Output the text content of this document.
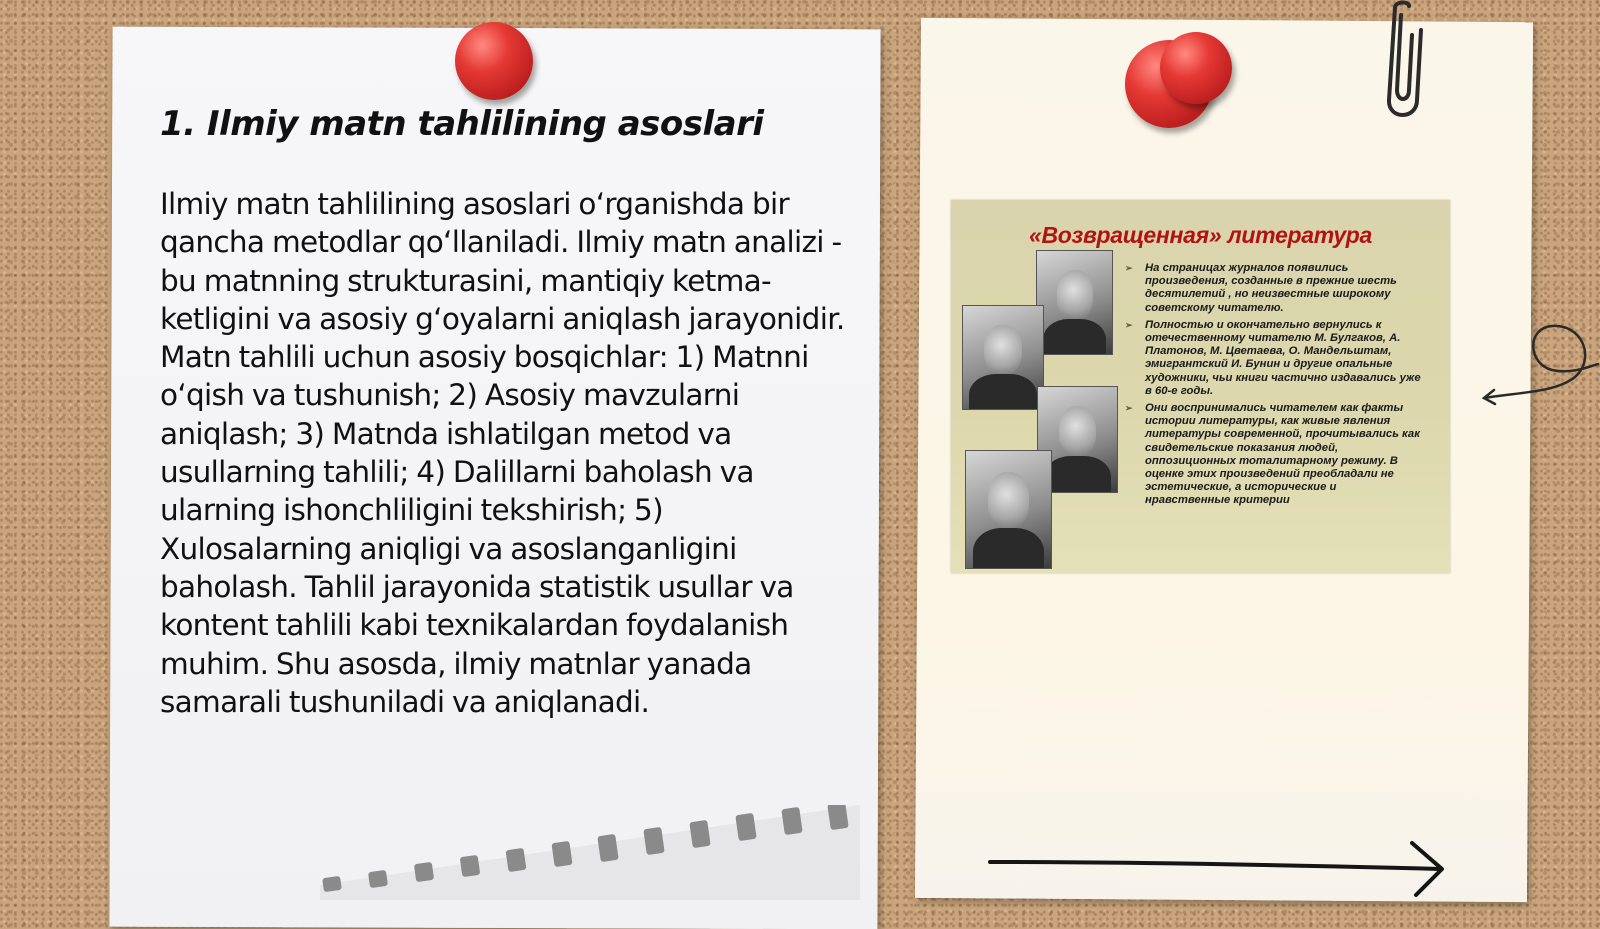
1. Ilmiy matn tahlilining asoslari

Ilmiy matn tahlilining asoslari o‘rganishda bir qancha metodlar qo‘llaniladi. Ilmiy matn analizi - bu matnning strukturasini, mantiqiy ketma-ketligini va asosiy g‘oyalarni aniqlash jarayonidir. Matn tahlili uchun asosiy bosqichlar: 1) Matnni o‘qish va tushunish; 2) Asosiy mavzularni aniqlash; 3) Matnda ishlatilgan metod va usullarning tahlili; 4) Dalillarni baholash va ularning ishonchliligini tekshirish; 5) Xulosalarning aniqligi va asoslanganligini baholash. Tahlil jarayonida statistik usullar va kontent tahlili kabi texnikalardan foydalanish muhim. Shu asosda, ilmiy matnlar yanada samarali tushuniladi va aniqlanadi.

«Возвращенная» литература
➢ На страницах журналов появились произведения, созданные в прежние шесть десятилетий , но неизвестные широкому советскому читателю.
➢ Полностью и окончательно вернулись к отечественному читателю М. Булгаков, А. Платонов, М. Цветаева, О. Мандельштам, эмигрантский И. Бунин и другие опальные художники, чьи книги частично издавались уже в 60-е годы.
➢ Они воспринимались читателем как факты истории литературы, как живые явления литературы современной, прочитывались как свидетельские показания людей, оппозиционных тоталитарному режиму. В оценке этих произведений преобладали не эстетические, а исторические и нравственные критерии
